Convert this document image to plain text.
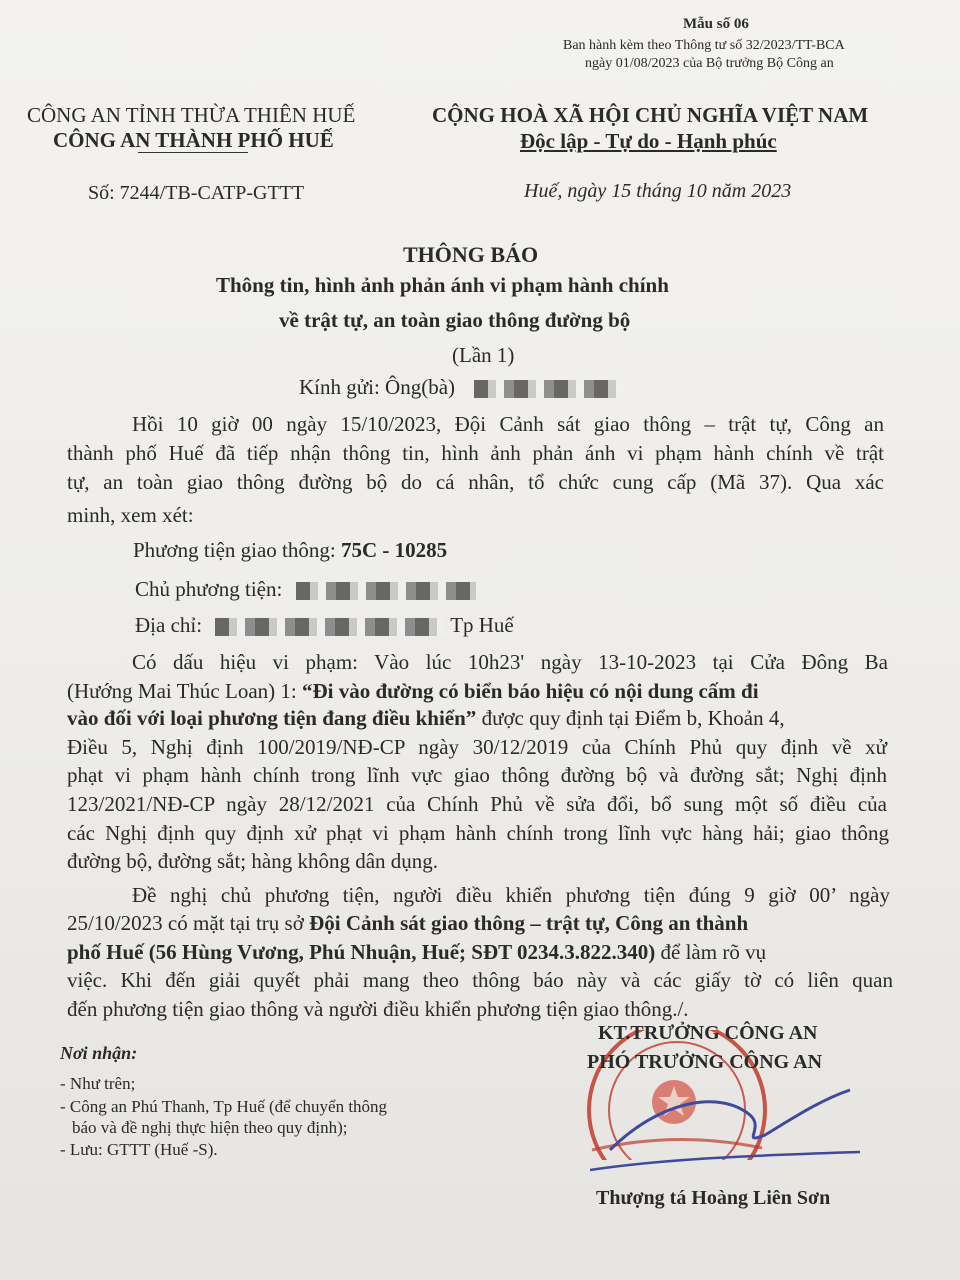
Mẫu số 06
Ban hành kèm theo Thông tư số 32/2023/TT-BCA
ngày 01/08/2023 của Bộ trưởng Bộ Công an
CÔNG AN TỈNH THỪA THIÊN HUẾ
CÔNG AN THÀNH PHỐ HUẾ
Số: 7244/TB-CATP-GTTT
CỘNG HOÀ XÃ HỘI CHỦ NGHĨA VIỆT NAM
Độc lập - Tự do - Hạnh phúc
Huế, ngày 15 tháng 10 năm 2023
THÔNG BÁO
Thông tin, hình ảnh phản ánh vi phạm hành chính
về trật tự, an toàn giao thông đường bộ
(Lần 1)
Kính gửi: Ông(bà)
Hồi 10 giờ 00 ngày 15/10/2023, Đội Cảnh sát giao thông – trật tự, Công an
thành phố Huế đã tiếp nhận thông tin, hình ảnh phản ánh vi phạm hành chính về trật
tự, an toàn giao thông đường bộ do cá nhân, tổ chức cung cấp (Mã 37). Qua xác
minh, xem xét:
Phương tiện giao thông: 75C - 10285
Chủ phương tiện:
Địa chỉ:	Tp Huế
Có dấu hiệu vi phạm: Vào lúc 10h23' ngày 13-10-2023 tại Cửa Đông Ba
(Hướng Mai Thúc Loan) 1: “Đi vào đường có biển báo hiệu có nội dung cấm đi
vào đối với loại phương tiện đang điều khiển” được quy định tại Điểm b, Khoản 4,
Điều 5, Nghị định 100/2019/NĐ-CP ngày 30/12/2019 của Chính Phủ quy định về xử
phạt vi phạm hành chính trong lĩnh vực giao thông đường bộ và đường sắt; Nghị định
123/2021/NĐ-CP ngày 28/12/2021 của Chính Phủ về sửa đổi, bổ sung một số điều của
các Nghị định quy định xử phạt vi phạm hành chính trong lĩnh vực hàng hải; giao thông
đường bộ, đường sắt; hàng không dân dụng.
Đề nghị chủ phương tiện, người điều khiển phương tiện đúng 9 giờ 00’ ngày
25/10/2023 có mặt tại trụ sở Đội Cảnh sát giao thông – trật tự, Công an thành
phố Huế (56 Hùng Vương, Phú Nhuận, Huế; SĐT 0234.3.822.340) để làm rõ vụ
việc. Khi đến giải quyết phải mang theo thông báo này và các giấy tờ có liên quan
đến phương tiện giao thông và người điều khiển phương tiện giao thông./.
Nơi nhận:
- Như trên;
- Công an Phú Thanh, Tp Huế (để chuyển thông
báo và đề nghị thực hiện theo quy định);
- Lưu: GTTT (Huế -S).
KT.TRƯỞNG CÔNG AN
PHÓ TRƯỞNG CÔNG AN
Thượng tá Hoàng Liên Sơn
